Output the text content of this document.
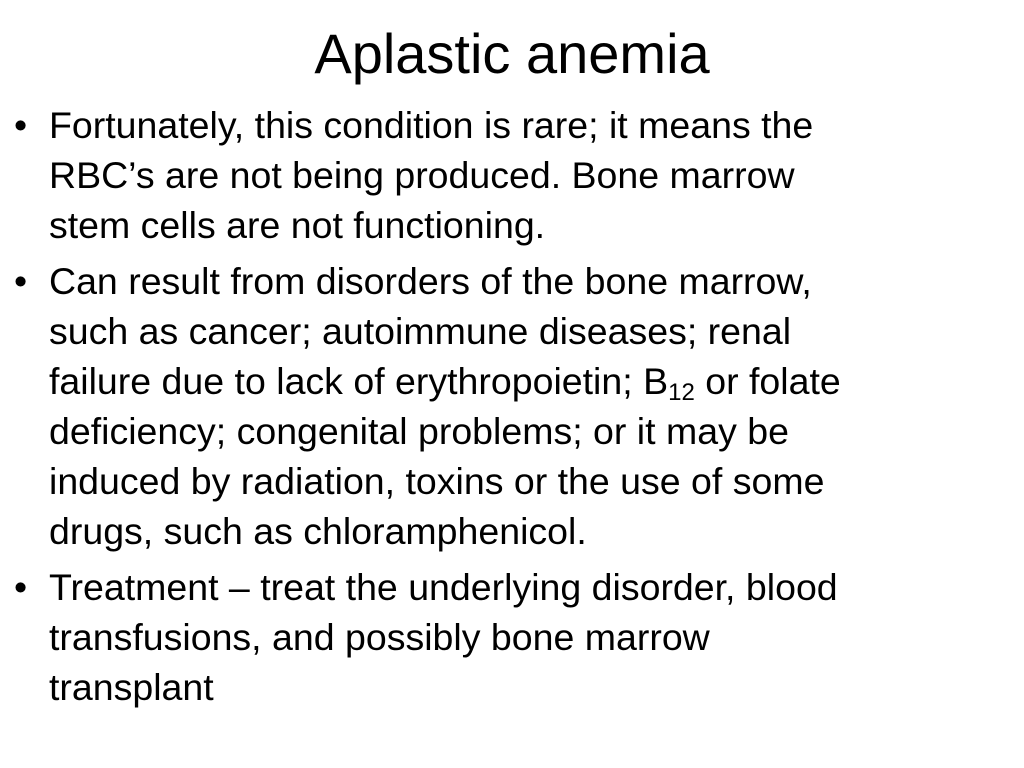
Aplastic anemia
• Fortunately, this condition is rare; it means the
RBC’s are not being produced. Bone marrow
stem cells are not functioning.
• Can result from disorders of the bone marrow,
such as cancer; autoimmune diseases; renal
failure due to lack of erythropoietin; $B_{12}$ or folate
deficiency; congenital problems; or it may be
induced by radiation, toxins or the use of some
drugs, such as chloramphenicol.
• Treatment – treat the underlying disorder, blood
transfusions, and possibly bone marrow
transplant
